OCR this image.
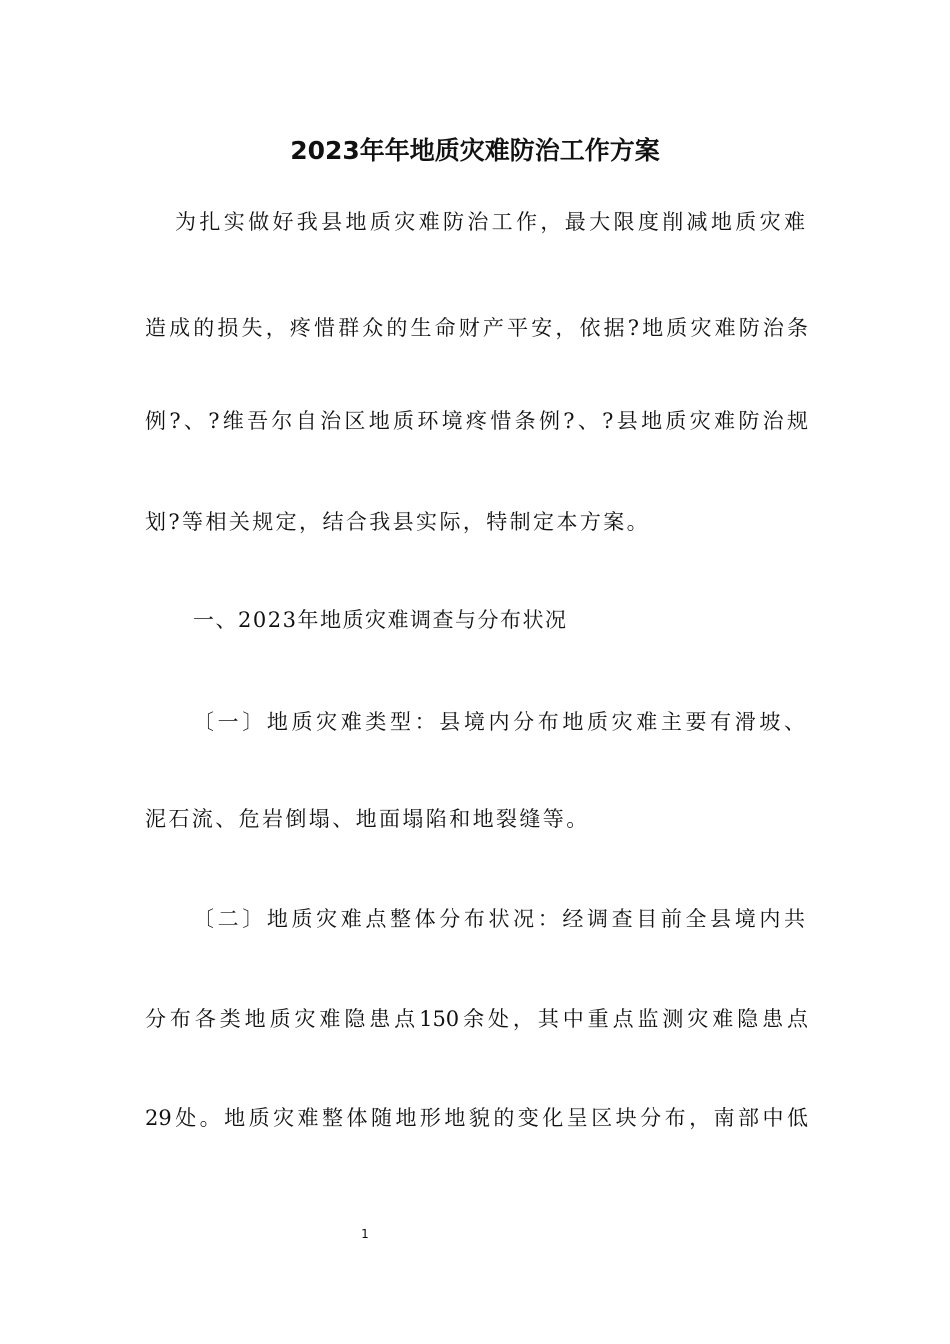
2023年年地质灾难防治工作方案
为扎实做好我县地质灾难防治工作，最大限度削减地质灾难
造成的损失，疼惜群众的生命财产平安，依据?地质灾难防治条
例?、?维吾尔自治区地质环境疼惜条例?、?县地质灾难防治规
划?等相关规定，结合我县实际，特制定本方案。
一、2023年地质灾难调查与分布状况
〔一〕地质灾难类型：县境内分布地质灾难主要有滑坡、
泥石流、危岩倒塌、地面塌陷和地裂缝等。
〔二〕地质灾难点整体分布状况：经调查目前全县境内共
分布各类地质灾难隐患点150余处，其中重点监测灾难隐患点
29处。地质灾难整体随地形地貌的变化呈区块分布，南部中低
1
